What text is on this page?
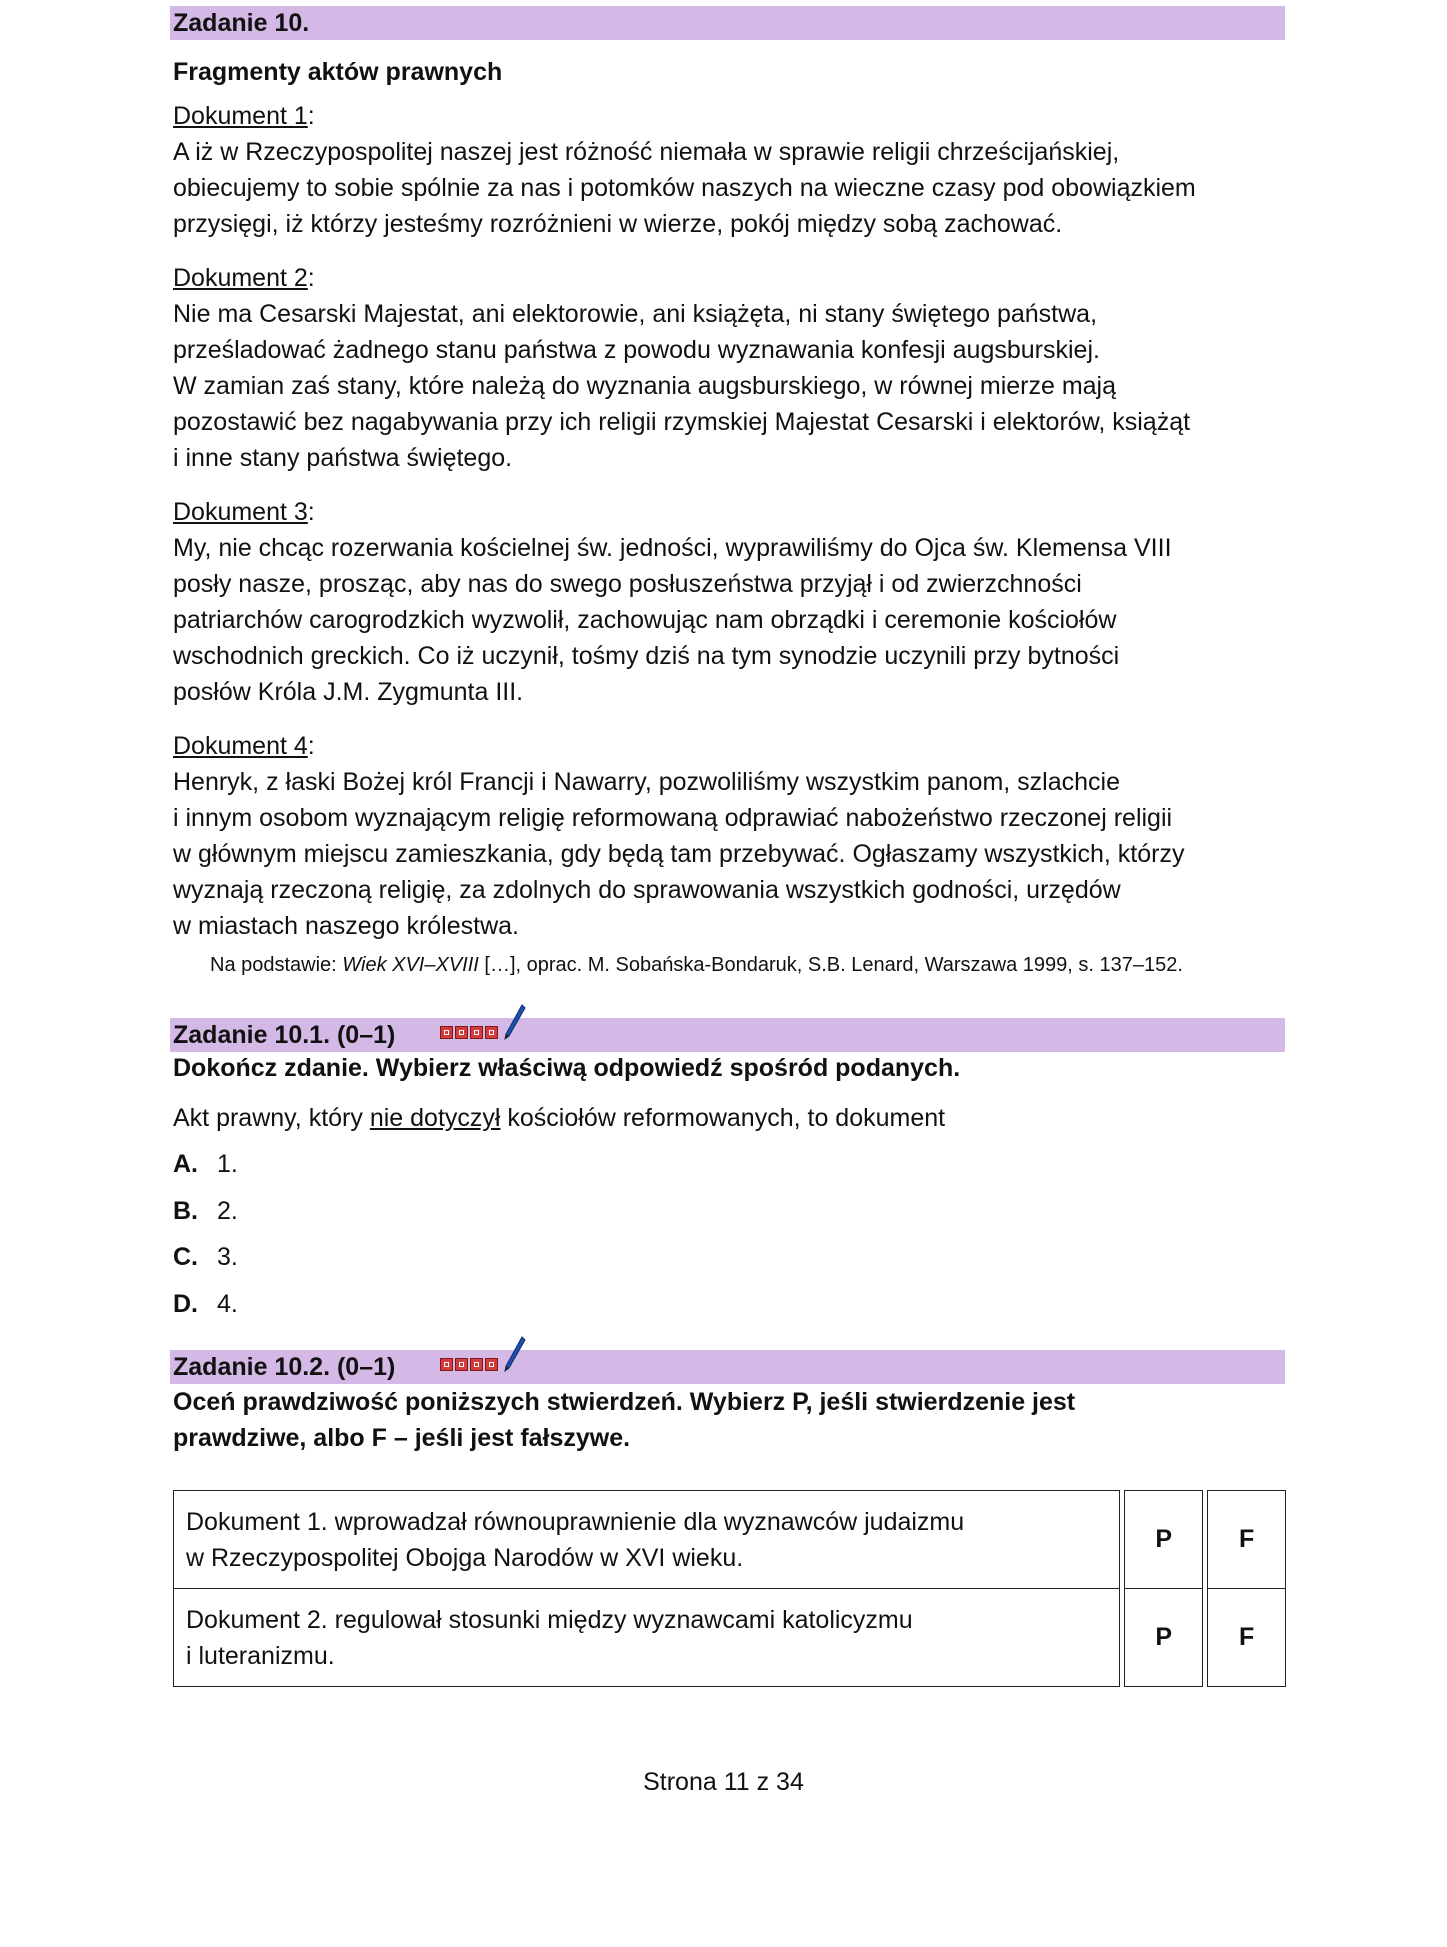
Zadanie 10.
Fragmenty aktów prawnych
Dokument 1:
A iż w Rzeczypospolitej naszej jest różność niemała w sprawie religii chrześcijańskiej,
obiecujemy to sobie spólnie za nas i potomków naszych na wieczne czasy pod obowiązkiem
przysięgi, iż którzy jesteśmy rozróżnieni w wierze, pokój między sobą zachować.
Dokument 2:
Nie ma Cesarski Majestat, ani elektorowie, ani książęta, ni stany świętego państwa,
prześladować żadnego stanu państwa z powodu wyznawania konfesji augsburskiej.
W zamian zaś stany, które należą do wyznania augsburskiego, w równej mierze mają
pozostawić bez nagabywania przy ich religii rzymskiej Majestat Cesarski i elektorów, książąt
i inne stany państwa świętego.
Dokument 3:
My, nie chcąc rozerwania kościelnej św. jedności, wyprawiliśmy do Ojca św. Klemensa VIII
posły nasze, prosząc, aby nas do swego posłuszeństwa przyjął i od zwierzchności
patriarchów carogrodzkich wyzwolił, zachowując nam obrządki i ceremonie kościołów
wschodnich greckich. Co iż uczynił, tośmy dziś na tym synodzie uczynili przy bytności
posłów Króla J.M. Zygmunta III.
Dokument 4:
Henryk, z łaski Bożej król Francji i Nawarry, pozwoliliśmy wszystkim panom, szlachcie
i innym osobom wyznającym religię reformowaną odprawiać nabożeństwo rzeczonej religii
w głównym miejscu zamieszkania, gdy będą tam przebywać. Ogłaszamy wszystkich, którzy
wyznają rzeczoną religię, za zdolnych do sprawowania wszystkich godności, urzędów
w miastach naszego królestwa.
Na podstawie: Wiek XVI–XVIII […], oprac. M. Sobańska-Bondaruk, S.B. Lenard, Warszawa 1999, s. 137–152.
Zadanie 10.1. (0–1)
Dokończ zdanie. Wybierz właściwą odpowiedź spośród podanych.
Akt prawny, który nie dotyczył kościołów reformowanych, to dokument
A. 1.
B. 2.
C. 3.
D. 4.
Zadanie 10.2. (0–1)
Oceń prawdziwość poniższych stwierdzeń. Wybierz P, jeśli stwierdzenie jest
prawdziwe, albo F – jeśli jest fałszywe.
Dokument 1. wprowadzał równouprawnienie dla wyznawców judaizmu
w Rzeczypospolitej Obojga Narodów w XVI wieku.		P		F

Dokument 2. regulował stosunki między wyznawcami katolicyzmu
i luteranizmu.		P		F
Strona 11 z 34
